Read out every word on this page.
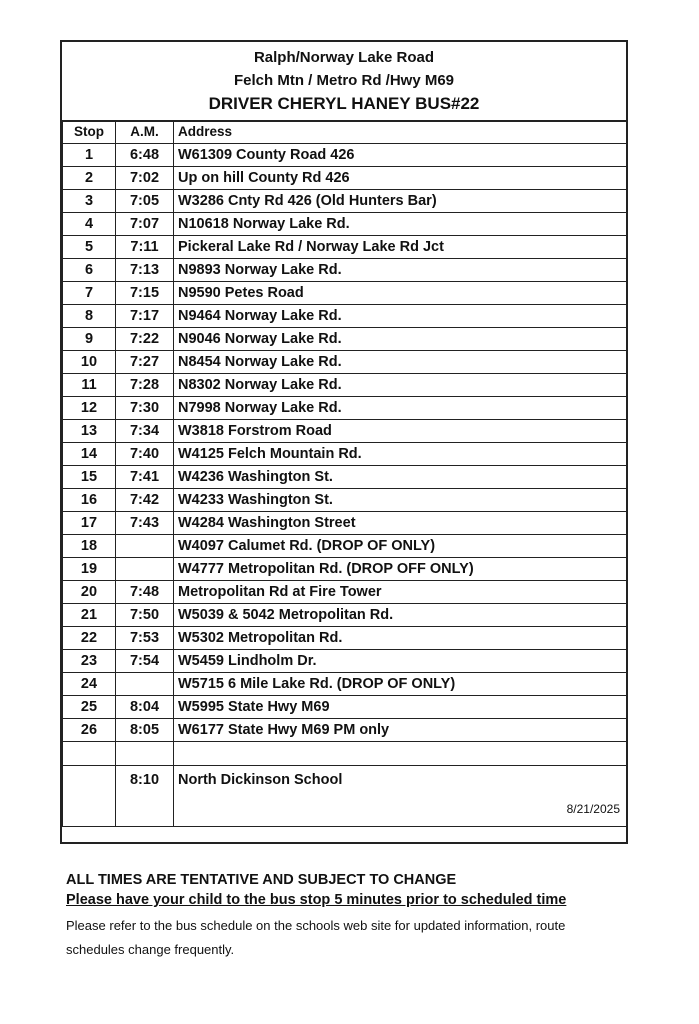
Ralph/Norway Lake Road
Felch Mtn / Metro Rd /Hwy M69
DRIVER CHERYL HANEY BUS#22
Stop	A.M.	Address
1	6:48	W61309 County Road 426
2	7:02	Up on hill County Rd 426
3	7:05	W3286 Cnty Rd 426 (Old Hunters Bar)
4	7:07	N10618 Norway Lake Rd.
5	7:11	Pickeral Lake Rd / Norway Lake Rd Jct
6	7:13	N9893 Norway Lake Rd.
7	7:15	N9590 Petes Road
8	7:17	N9464 Norway Lake Rd.
9	7:22	N9046 Norway Lake Rd.
10	7:27	N8454 Norway Lake Rd.
11	7:28	N8302 Norway Lake Rd.
12	7:30	N7998 Norway Lake Rd.
13	7:34	W3818 Forstrom Road
14	7:40	W4125 Felch Mountain Rd.
15	7:41	W4236 Washington St.
16	7:42	W4233 Washington St.
17	7:43	W4284 Washington Street
18		W4097 Calumet Rd. (DROP OF ONLY)
19		W4777 Metropolitan Rd. (DROP OFF ONLY)
20	7:48	Metropolitan Rd at Fire Tower
21	7:50	W5039 & 5042 Metropolitan Rd.
22	7:53	W5302 Metropolitan Rd.
23	7:54	W5459 Lindholm Dr.
24		W5715 6 Mile Lake Rd. (DROP OF ONLY)
25	8:04	W5995 State Hwy M69
26	8:05	W6177 State Hwy M69 PM only

	8:10	North Dickinson School
8/21/2025

ALL TIMES ARE TENTATIVE AND SUBJECT TO CHANGE

Please have your child to the bus stop 5 minutes prior to scheduled time

Please refer to the bus schedule on the schools web site for updated information, route schedules change frequently.
